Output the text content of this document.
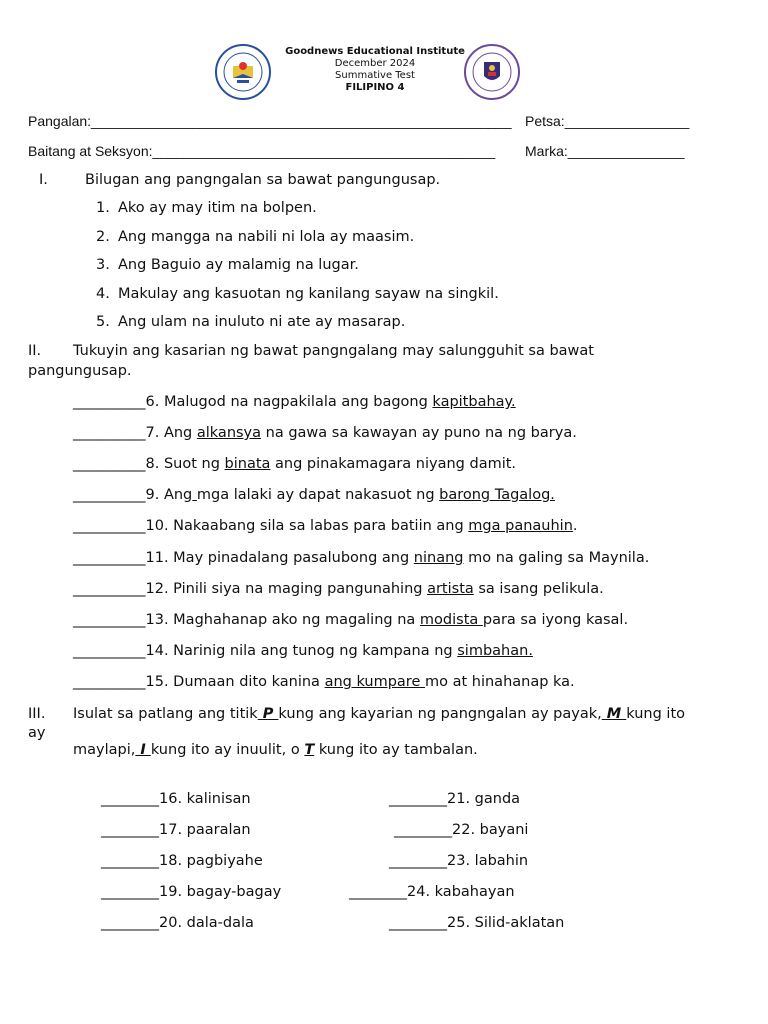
Goodnews Educational Institute
December 2024
Summative Test
FILIPINO 4
Pangalan:______________________________________________________ Petsa:________________
Baitang at Seksyon:____________________________________________ Marka:_______________
I.	Bilugan ang pangngalan sa bawat pangungusap.
1. Ako ay may itim na bolpen.
2. Ang mangga na nabili ni lola ay maasim.
3. Ang Baguio ay malamig na lugar.
4. Makulay ang kasuotan ng kanilang sayaw na singkil.
5. Ang ulam na inuluto ni ate ay masarap.
II. Tukuyin ang kasarian ng bawat pangngalang may salungguhit sa bawat
pangungusap.
__________6. Malugod na nagpakilala ang bagong kapitbahay.
__________7. Ang alkansya na gawa sa kawayan ay puno na ng barya.
__________8. Suot ng binata ang pinakamagara niyang damit.
__________9. Ang mga lalaki ay dapat nakasuot ng barong Tagalog.
__________10. Nakaabang sila sa labas para batiin ang mga panauhin.
__________11. May pinadalang pasalubong ang ninang mo na galing sa Maynila.
__________12. Pinili siya na maging pangunahing artista sa isang pelikula.
__________13. Maghahanap ako ng magaling na modista para sa iyong kasal.
__________14. Narinig nila ang tunog ng kampana ng simbahan.
__________15. Dumaan dito kanina ang kumpare mo at hinahanap ka.
III. Isulat sa patlang ang titik P kung ang kayarian ng pangngalan ay payak, M kung ito
ay
maylapi, I kung ito ay inuulit, o T kung ito ay tambalan.
________16. kalinisan
________17. paaralan
________18. pagbiyahe
________19. bagay-bagay
________20. dala-dala
________21. ganda
________22. bayani
________23. labahin
________24. kabahayan
________25. Silid-aklatan
